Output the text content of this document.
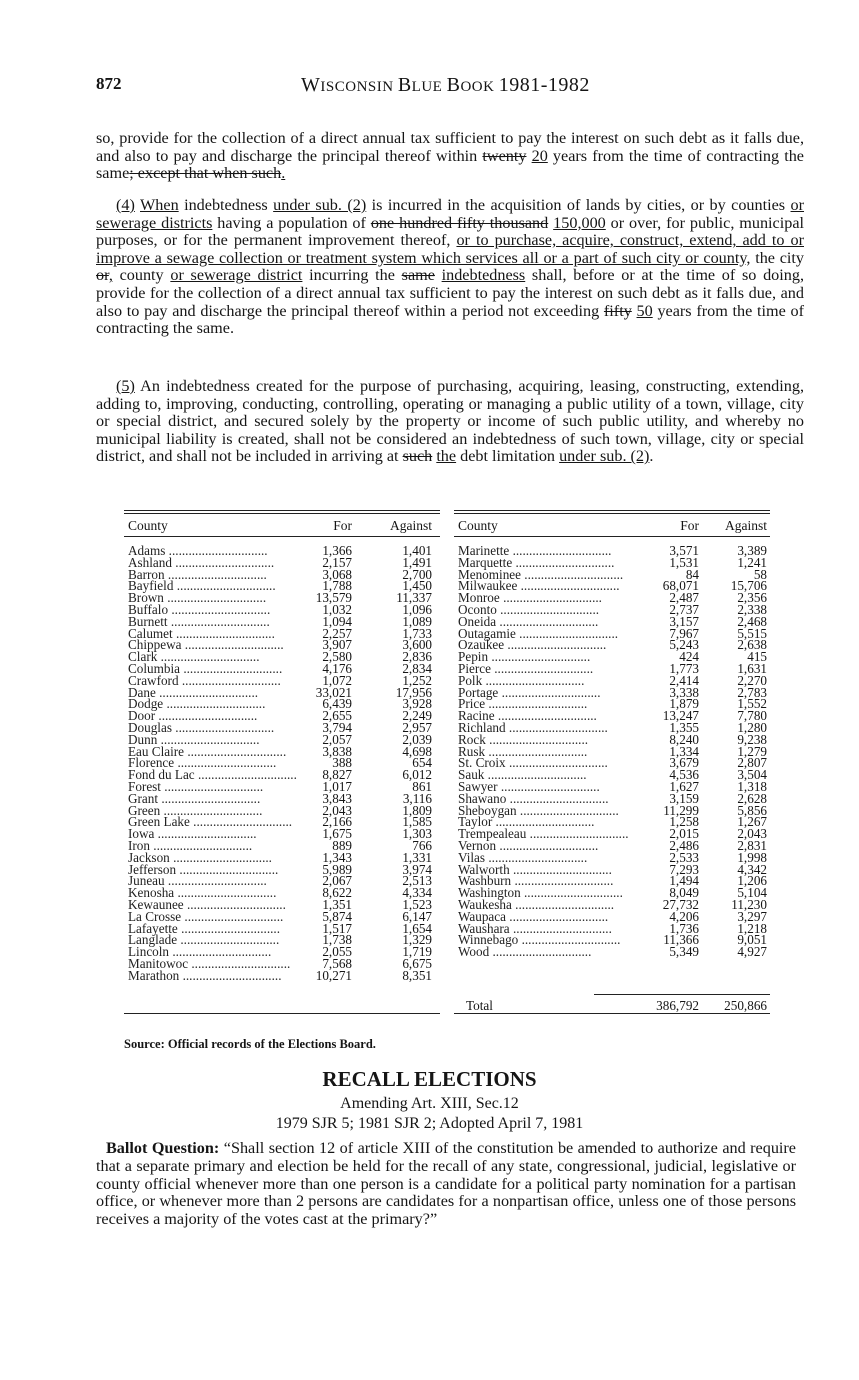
872	WISCONSIN BLUE BOOK 1981-1982
so, provide for the collection of a direct annual tax sufficient to pay the interest on such debt as it falls due, and also to pay and discharge the principal thereof within twenty 20 years from the time of contracting the same; except that when such.
(4) When indebtedness under sub. (2) is incurred in the acquisition of lands by cities, or by counties or sewerage districts having a population of one hundred fifty thousand 150,000 or over, for public, municipal purposes, or for the permanent improvement thereof, or to purchase, acquire, construct, extend, add to or improve a sewage collection or treatment system which services all or a part of such city or county, the city or, county or sewerage district incurring the same indebtedness shall, before or at the time of so doing, provide for the collection of a direct annual tax sufficient to pay the interest on such debt as it falls due, and also to pay and discharge the principal thereof within a period not exceeding fifty 50 years from the time of contracting the same.
(5) An indebtedness created for the purpose of purchasing, acquiring, leasing, constructing, extending, adding to, improving, conducting, controlling, operating or managing a public utility of a town, village, city or special district, and secured solely by the property or income of such public utility, and whereby no municipal liability is created, shall not be considered an indebtedness of such town, village, city or special district, and shall not be included in arriving at such the debt limitation under sub. (2).
County	For	Against
Adams ..............................	1,366	1,401
Ashland ..............................	2,157	1,491
Barron ..............................	3,068	2,700
Bayfield ..............................	1,788	1,450
Brown ..............................	13,579	11,337
Buffalo ..............................	1,032	1,096
Burnett ..............................	1,094	1,089
Calumet ..............................	2,257	1,733
Chippewa ..............................	3,907	3,600
Clark ..............................	2,580	2,836
Columbia ..............................	4,176	2,834
Crawford ..............................	1,072	1,252
Dane ..............................	33,021	17,956
Dodge ..............................	6,439	3,928
Door ..............................	2,655	2,249
Douglas ..............................	3,794	2,957
Dunn ..............................	2,057	2,039
Eau Claire ..............................	3,838	4,698
Florence ..............................	388	654
Fond du Lac ..............................	8,827	6,012
Forest ..............................	1,017	861
Grant ..............................	3,843	3,116
Green ..............................	2,043	1,809
Green Lake ..............................	2,166	1,585
Iowa ..............................	1,675	1,303
Iron ..............................	889	766
Jackson ..............................	1,343	1,331
Jefferson ..............................	5,989	3,974
Juneau ..............................	2,067	2,513
Kenosha ..............................	8,622	4,334
Kewaunee ..............................	1,351	1,523
La Crosse ..............................	5,874	6,147
Lafayette ..............................	1,517	1,654
Langlade ..............................	1,738	1,329
Lincoln ..............................	2,055	1,719
Manitowoc ..............................	7,568	6,675
Marathon ..............................	10,271	8,351
County	For	Against
Marinette ..............................	3,571	3,389
Marquette ..............................	1,531	1,241
Menominee ..............................	84	58
Milwaukee ..............................	68,071	15,706
Monroe ..............................	2,487	2,356
Oconto ..............................	2,737	2,338
Oneida ..............................	3,157	2,468
Outagamie ..............................	7,967	5,515
Ozaukee ..............................	5,243	2,638
Pepin ..............................	424	415
Pierce ..............................	1,773	1,631
Polk ..............................	2,414	2,270
Portage ..............................	3,338	2,783
Price ..............................	1,879	1,552
Racine ..............................	13,247	7,780
Richland ..............................	1,355	1,280
Rock ..............................	8,240	9,238
Rusk ..............................	1,334	1,279
St. Croix ..............................	3,679	2,807
Sauk ..............................	4,536	3,504
Sawyer ..............................	1,627	1,318
Shawano ..............................	3,159	2,628
Sheboygan ..............................	11,299	5,856
Taylor ..............................	1,258	1,267
Trempealeau ..............................	2,015	2,043
Vernon ..............................	2,486	2,831
Vilas ..............................	2,533	1,998
Walworth ..............................	7,293	4,342
Washburn ..............................	1,494	1,206
Washington ..............................	8,049	5,104
Waukesha ..............................	27,732	11,230
Waupaca ..............................	4,206	3,297
Waushara ..............................	1,736	1,218
Winnebago ..............................	11,366	9,051
Wood ..............................	5,349	4,927
Total	386,792	250,866
Source: Official records of the Elections Board.
RECALL ELECTIONS
Amending Art. XIII, Sec.12
1979 SJR 5; 1981 SJR 2; Adopted April 7, 1981
Ballot Question: “Shall section 12 of article XIII of the constitution be amended to authorize and require that a separate primary and election be held for the recall of any state, congressional, judicial, legislative or county official whenever more than one person is a candidate for a political party nomination for a partisan office, or whenever more than 2 persons are candidates for a nonpartisan office, unless one of those persons receives a majority of the votes cast at the primary?”
